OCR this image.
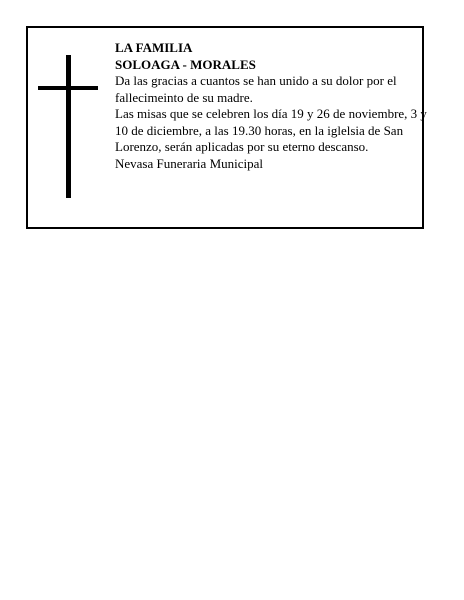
LA FAMILIA

SOLOAGA - MORALES

Da las gracias a cuantos se han unido a su dolor por el fallecimeinto de su madre.

Las misas que se celebren los día 19 y 26 de noviembre, 3 y 10 de diciembre, a las 19.30 horas, en la iglelsia de San Lorenzo, serán aplicadas por su eterno descanso.

Nevasa Funeraria Municipal
